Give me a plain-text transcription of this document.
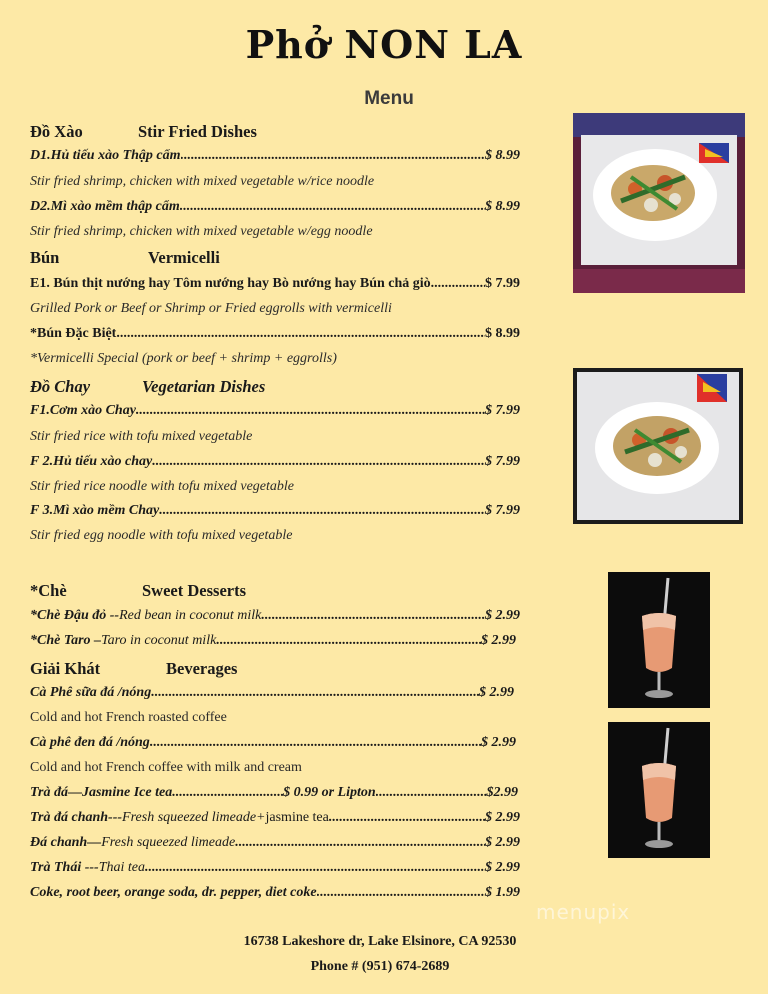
Phở NON LA
Menu
Đồ Xào	Stir Fried Dishes
D1.Hủ tiếu xào Thập cẩm .....	$ 8.99
Stir fried shrimp, chicken with mixed vegetable w/rice noodle
D2.Mì xào mềm thập cẩm .....	$ 8.99
Stir fried shrimp, chicken with mixed vegetable w/egg noodle
Bún	Vermicelli
E1. Bún thịt nướng hay Tôm nướng hay Bò nướng hay Bún chả giò .....	$ 7.99
Grilled Pork or Beef or Shrimp or Fried eggrolls with vermicelli
*Bún Đặc Biệt .....	$ 8.99
*Vermicelli Special (pork or beef + shrimp + eggrolls)
Đồ Chay	Vegetarian Dishes
F1.Cơm xào Chay .....	$ 7.99
Stir fried rice with tofu mixed vegetable
F 2.Hủ tiếu xào chay .....	$ 7.99
Stir fried rice noodle with tofu mixed vegetable
F 3.Mì xào mềm Chay .....	$ 7.99
Stir fried egg noodle with tofu mixed vegetable
*Chè	Sweet Desserts
*Chè Đậu đỏ -- Red bean in coconut milk .....	$ 2.99
*Chè Taro – Taro in coconut milk .....	$ 2.99
Giải Khát	Beverages
Cà Phê sữa đá /nóng .....	$ 2.99
Cold and hot French roasted coffee
Cà phê đen đá /nóng .....	$ 2.99
Cold and hot French coffee with milk and cream
Trà đá—Jasmine Ice tea .....	$ 0.99 or Lipton .....	$2.99
Trà đá chanh--- Fresh squeezed limeade+ jasmine tea .....	$ 2.99
Đá chanh— Fresh squeezed limeade .....	$ 2.99
Trà Thái --- Thai tea .....	$ 2.99
Coke, root beer, orange soda, dr. pepper, diet coke .....	$ 1.99
menupix
16738 Lakeshore dr, Lake Elsinore, CA 92530
Phone # (951) 674-2689
